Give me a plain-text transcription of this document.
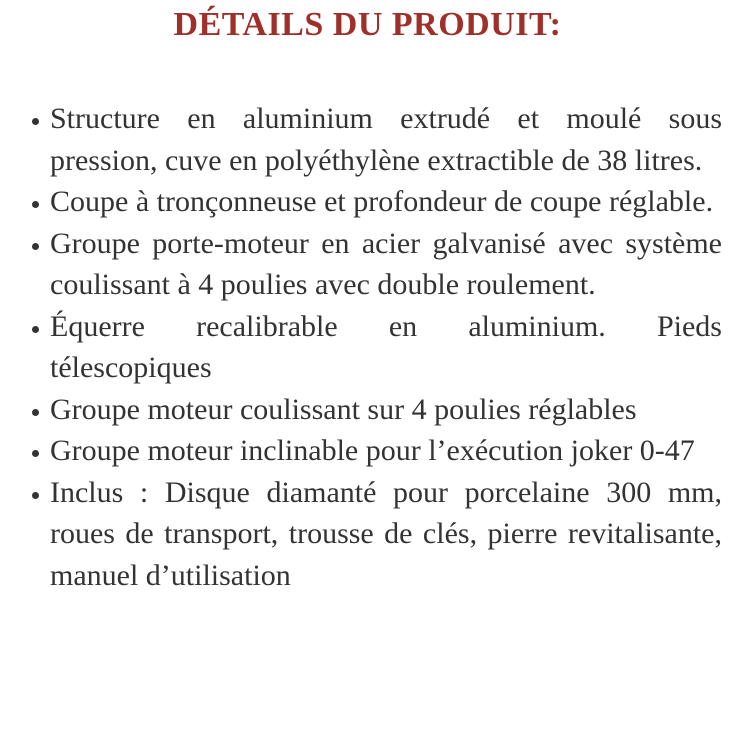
DÉTAILS DU PRODUIT:
Structure en aluminium extrudé et moulé sous
pression, cuve en polyéthylène extractible de 38 litres.
Coupe à tronçonneuse et profondeur de coupe réglable.
Groupe porte-moteur en acier galvanisé avec système
coulissant à 4 poulies avec double roulement.
Équerre recalibrable en aluminium. Pieds
télescopiques
Groupe moteur coulissant sur 4 poulies réglables
Groupe moteur inclinable pour l’exécution joker 0-47
Inclus : Disque diamanté pour porcelaine 300 mm,
roues de transport, trousse de clés, pierre revitalisante,
manuel d’utilisation
